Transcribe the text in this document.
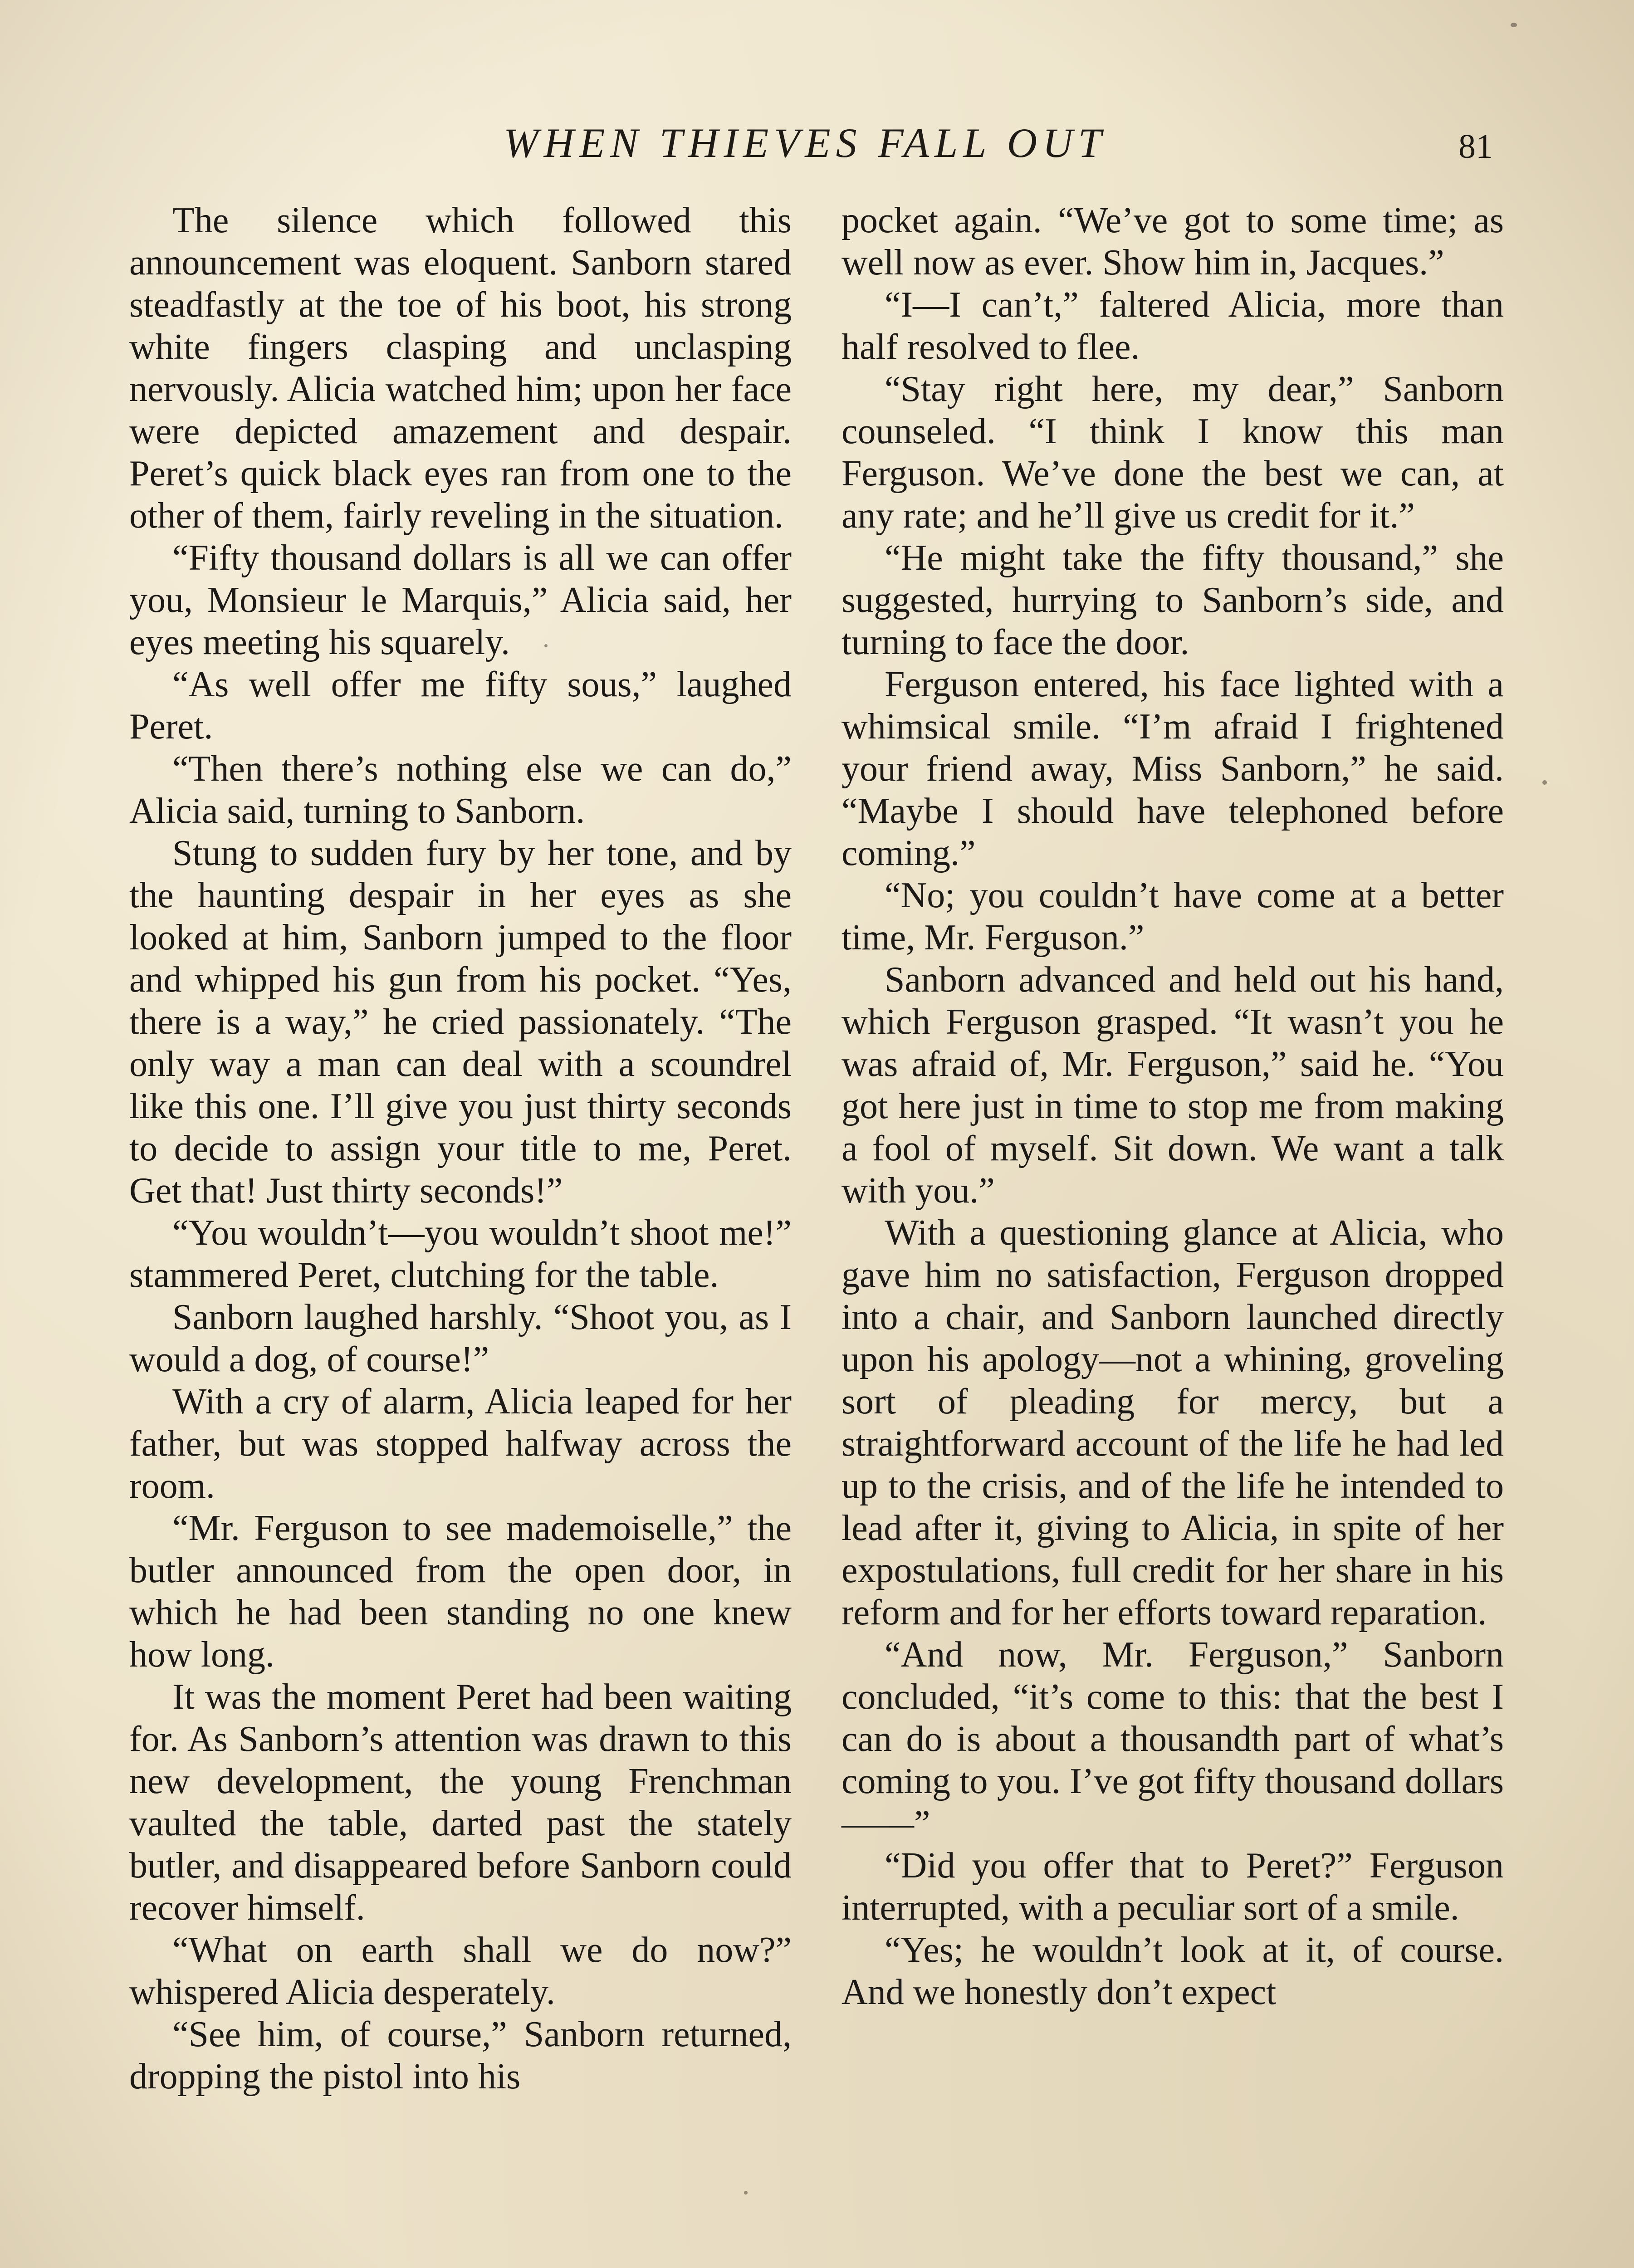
WHEN THIEVES FALL OUT	81

The silence which followed this announcement was eloquent. Sanborn stared steadfastly at the toe of his boot, his strong white fingers clasping and unclasping nervously. Alicia watched him; upon her face were depicted amazement and despair. Peret’s quick black eyes ran from one to the other of them, fairly reveling in the situation.

“Fifty thousand dollars is all we can offer you, Monsieur le Marquis,” Alicia said, her eyes meeting his squarely.

“As well offer me fifty sous,” laughed Peret.

“Then there’s nothing else we can do,” Alicia said, turning to Sanborn.

Stung to sudden fury by her tone, and by the haunting despair in her eyes as she looked at him, Sanborn jumped to the floor and whipped his gun from his pocket. “Yes, there is a way,” he cried passionately. “The only way a man can deal with a scoundrel like this one. I’ll give you just thirty seconds to decide to assign your title to me, Peret. Get that! Just thirty seconds!”

“You wouldn’t—you wouldn’t shoot me!” stammered Peret, clutching for the table.

Sanborn laughed harshly. “Shoot you, as I would a dog, of course!”

With a cry of alarm, Alicia leaped for her father, but was stopped halfway across the room.

“Mr. Ferguson to see mademoiselle,” the butler announced from the open door, in which he had been standing no one knew how long.

It was the moment Peret had been waiting for. As Sanborn’s attention was drawn to this new development, the young Frenchman vaulted the table, darted past the stately butler, and disappeared before Sanborn could recover himself.

“What on earth shall we do now?” whispered Alicia desperately.

“See him, of course,” Sanborn returned, dropping the pistol into his

pocket again. “We’ve got to some time; as well now as ever. Show him in, Jacques.”

“I—I can’t,” faltered Alicia, more than half resolved to flee.

“Stay right here, my dear,” Sanborn counseled. “I think I know this man Ferguson. We’ve done the best we can, at any rate; and he’ll give us credit for it.”

“He might take the fifty thousand,” she suggested, hurrying to Sanborn’s side, and turning to face the door.

Ferguson entered, his face lighted with a whimsical smile. “I’m afraid I frightened your friend away, Miss Sanborn,” he said. “Maybe I should have telephoned before coming.”

“No; you couldn’t have come at a better time, Mr. Ferguson.”

Sanborn advanced and held out his hand, which Ferguson grasped. “It wasn’t you he was afraid of, Mr. Ferguson,” said he. “You got here just in time to stop me from making a fool of myself. Sit down. We want a talk with you.”

With a questioning glance at Alicia, who gave him no satisfaction, Ferguson dropped into a chair, and Sanborn launched directly upon his apology—not a whining, groveling sort of pleading for mercy, but a straightforward account of the life he had led up to the crisis, and of the life he intended to lead after it, giving to Alicia, in spite of her expostulations, full credit for her share in his reform and for her efforts toward reparation.

“And now, Mr. Ferguson,” Sanborn concluded, “it’s come to this: that the best I can do is about a thousandth part of what’s coming to you. I’ve got fifty thousand dollars——”

“Did you offer that to Peret?” Ferguson interrupted, with a peculiar sort of a smile.

“Yes; he wouldn’t look at it, of course. And we honestly don’t expect
